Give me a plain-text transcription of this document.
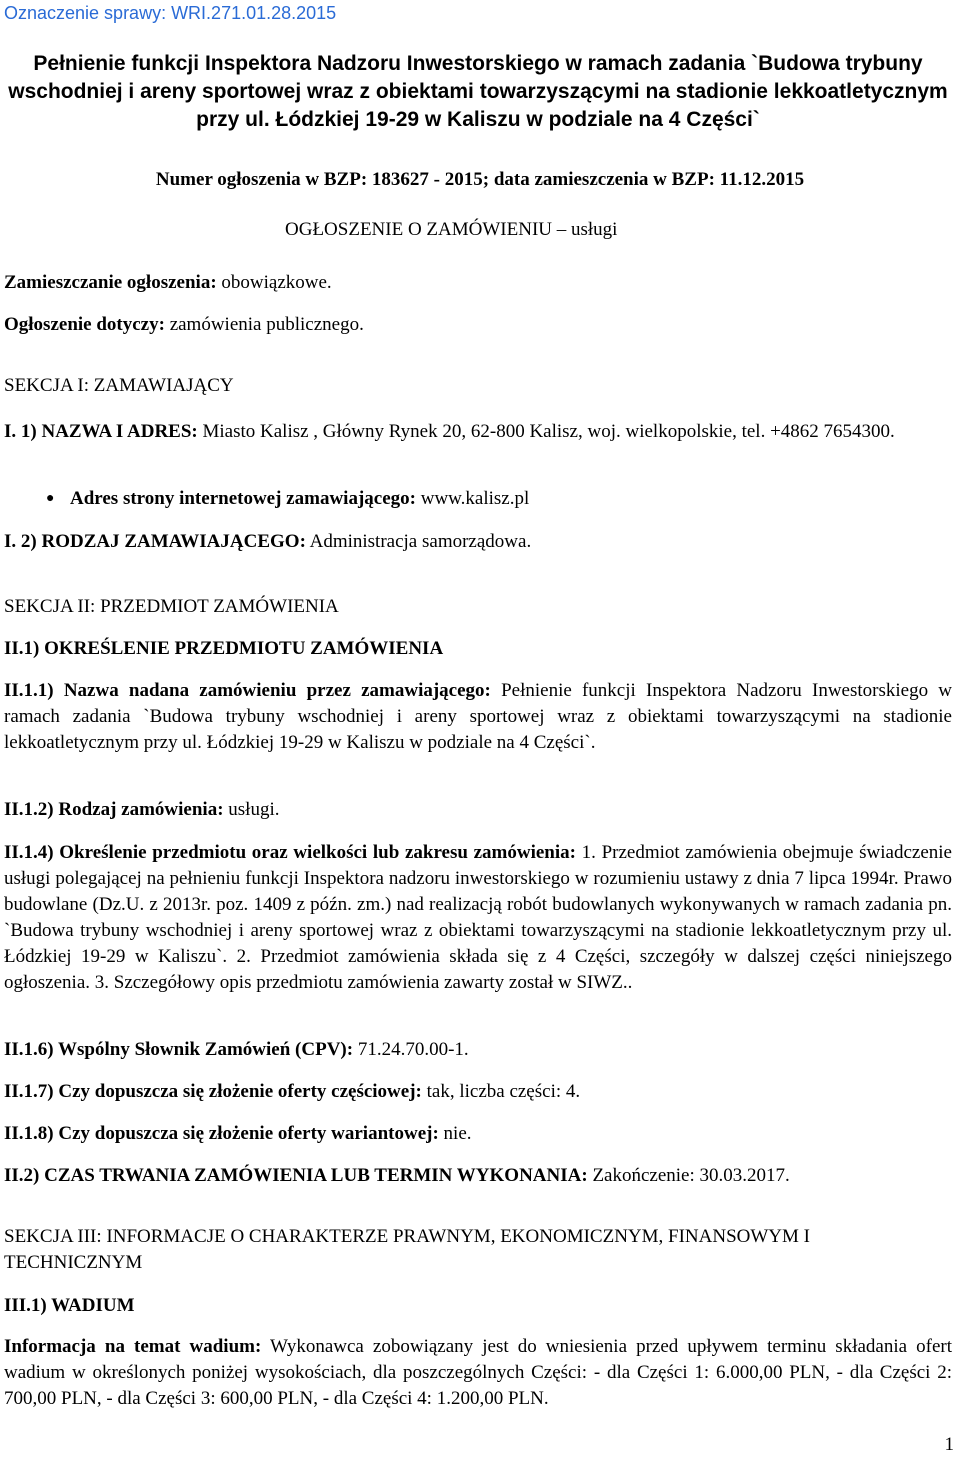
Oznaczenie sprawy: WRI.271.01.28.2015
Pełnienie funkcji Inspektora Nadzoru Inwestorskiego w ramach zadania `Budowa trybuny wschodniej i areny sportowej wraz z obiektami towarzyszącymi na stadionie lekkoatletycznym przy ul. Łódzkiej 19-29 w Kaliszu w podziale na 4 Części`
Numer ogłoszenia w BZP: 183627 - 2015; data zamieszczenia w BZP: 11.12.2015
OGŁOSZENIE O ZAMÓWIENIU – usługi
Zamieszczanie ogłoszenia: obowiązkowe.
Ogłoszenie dotyczy: zamówienia publicznego.
SEKCJA I: ZAMAWIAJĄCY
I. 1) NAZWA I ADRES: Miasto Kalisz , Główny Rynek 20, 62-800 Kalisz, woj. wielkopolskie, tel. +4862 7654300.
● Adres strony internetowej zamawiającego: www.kalisz.pl
I. 2) RODZAJ ZAMAWIAJĄCEGO: Administracja samorządowa.
SEKCJA II: PRZEDMIOT ZAMÓWIENIA
II.1) OKREŚLENIE PRZEDMIOTU ZAMÓWIENIA
II.1.1) Nazwa nadana zamówieniu przez zamawiającego: Pełnienie funkcji Inspektora Nadzoru Inwestorskiego w ramach zadania `Budowa trybuny wschodniej i areny sportowej wraz z obiektami towarzyszącymi na stadionie lekkoatletycznym przy ul. Łódzkiej 19-29 w Kaliszu w podziale na 4 Części`.
II.1.2) Rodzaj zamówienia: usługi.
II.1.4) Określenie przedmiotu oraz wielkości lub zakresu zamówienia: 1. Przedmiot zamówienia obejmuje świadczenie usługi polegającej na pełnieniu funkcji Inspektora nadzoru inwestorskiego w rozumieniu ustawy z dnia 7 lipca 1994r. Prawo budowlane (Dz.U. z 2013r. poz. 1409 z późn. zm.) nad realizacją robót budowlanych wykonywanych w ramach zadania pn. `Budowa trybuny wschodniej i areny sportowej wraz z obiektami towarzyszącymi na stadionie lekkoatletycznym przy ul. Łódzkiej 19-29 w Kaliszu`. 2. Przedmiot zamówienia składa się z 4 Części, szczegóły w dalszej części niniejszego ogłoszenia. 3. Szczegółowy opis przedmiotu zamówienia zawarty został w SIWZ..
II.1.6) Wspólny Słownik Zamówień (CPV): 71.24.70.00-1.
II.1.7) Czy dopuszcza się złożenie oferty częściowej: tak, liczba części: 4.
II.1.8) Czy dopuszcza się złożenie oferty wariantowej: nie.
II.2) CZAS TRWANIA ZAMÓWIENIA LUB TERMIN WYKONANIA: Zakończenie: 30.03.2017.
SEKCJA III: INFORMACJE O CHARAKTERZE PRAWNYM, EKONOMICZNYM, FINANSOWYM I TECHNICZNYM
III.1) WADIUM
Informacja na temat wadium: Wykonawca zobowiązany jest do wniesienia przed upływem terminu składania ofert wadium w określonych poniżej wysokościach, dla poszczególnych Części: - dla Części 1: 6.000,00 PLN, - dla Części 2: 700,00 PLN, - dla Części 3: 600,00 PLN, - dla Części 4: 1.200,00 PLN.
1
